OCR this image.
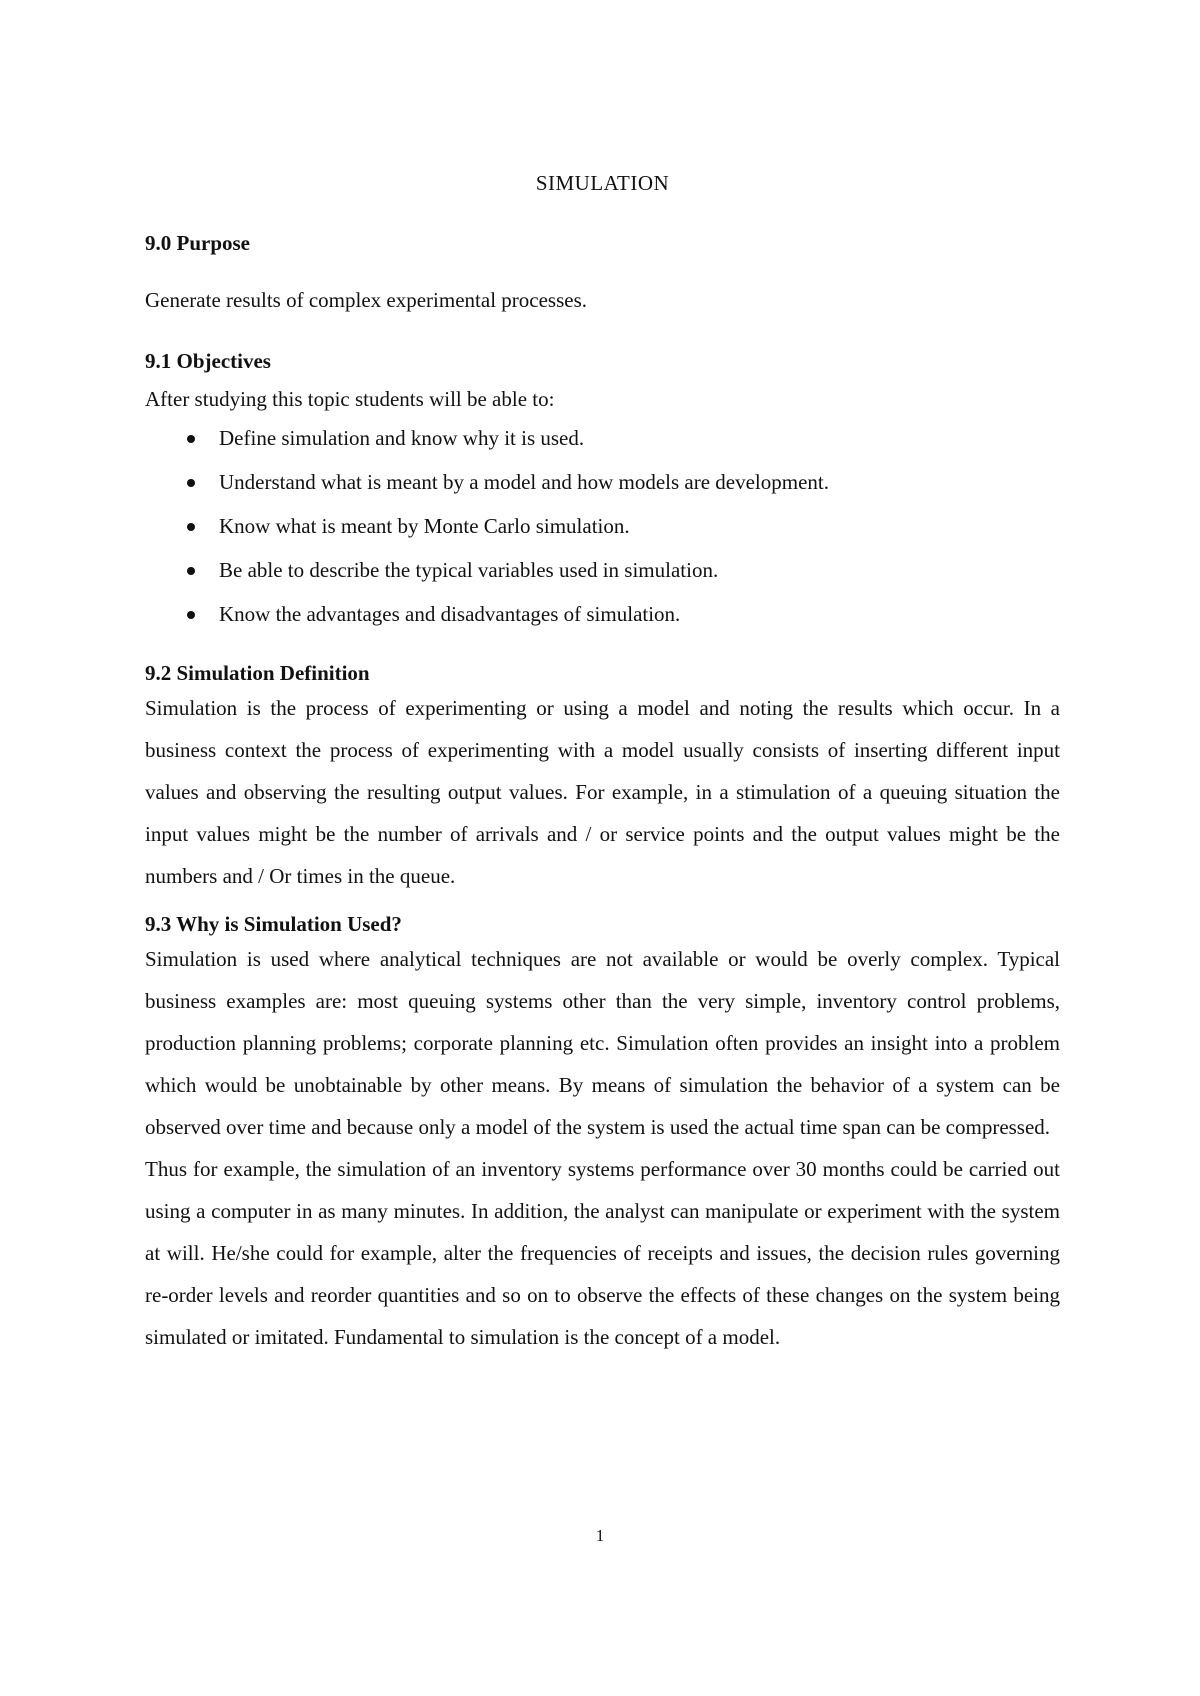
SIMULATION
9.0 Purpose

Generate results of complex experimental processes.

9.1 Objectives

After studying this topic students will be able to:

Define simulation and know why it is used.
Understand what is meant by a model and how models are development.
Know what is meant by Monte Carlo simulation.
Be able to describe the typical variables used in simulation.
Know the advantages and disadvantages of simulation.
9.2 Simulation Definition

Simulation is the process of experimenting or using a model and noting the results which occur. In a business context the process of experimenting with a model usually consists of inserting different input values and observing the resulting output values. For example, in a stimulation of a queuing situation the input values might be the number of arrivals and / or service points and the output values might be the numbers and / Or times in the queue.

9.3 Why is Simulation Used?

Simulation is used where analytical techniques are not available or would be overly complex. Typical business examples are: most queuing systems other than the very simple, inventory control problems, production planning problems; corporate planning etc. Simulation often provides an insight into a problem which would be unobtainable by other means. By means of simulation the behavior of a system can be observed over time and because only a model of the system is used the actual time span can be compressed.

Thus for example, the simulation of an inventory systems performance over 30 months could be carried out using a computer in as many minutes. In addition, the analyst can manipulate or experiment with the system at will. He/she could for example, alter the frequencies of receipts and issues, the decision rules governing re-order levels and reorder quantities and so on to observe the effects of these changes on the system being simulated or imitated. Fundamental to simulation is the concept of a model.

1
